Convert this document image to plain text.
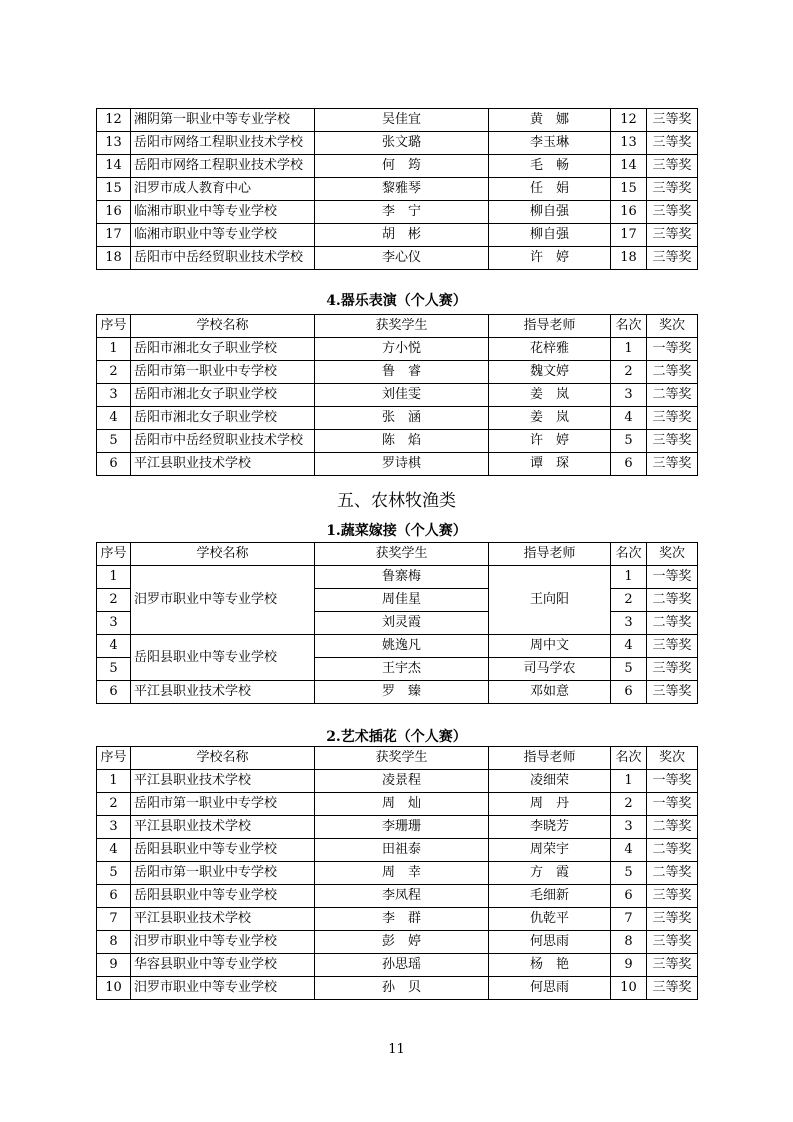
12	湘阴第一职业中等专业学校	吴佳宜	黄　娜	12	三等奖
13	岳阳市网络工程职业技术学校	张文璐	李玉琳	13	三等奖
14	岳阳市网络工程职业技术学校	何　筠	毛　畅	14	三等奖
15	汨罗市成人教育中心	黎雅琴	任　娟	15	三等奖
16	临湘市职业中等专业学校	李　宁	柳自强	16	三等奖
17	临湘市职业中等专业学校	胡　彬	柳自强	17	三等奖
18	岳阳市中岳经贸职业技术学校	李心仪	许　婷	18	三等奖
4.器乐表演（个人赛）
序号	学校名称	获奖学生	指导老师	名次	奖次
1	岳阳市湘北女子职业学校	方小悦	花梓雅	1	一等奖
2	岳阳市第一职业中专学校	鲁　睿	魏文婷	2	二等奖
3	岳阳市湘北女子职业学校	刘佳雯	姜　岚	3	二等奖
4	岳阳市湘北女子职业学校	张　涵	姜　岚	4	三等奖
5	岳阳市中岳经贸职业技术学校	陈　焰	许　婷	5	三等奖
6	平江县职业技术学校	罗诗棋	谭　琛	6	三等奖
五、农林牧渔类
1.蔬菜嫁接（个人赛）
序号	学校名称	获奖学生	指导老师	名次	奖次
1	汨罗市职业中等专业学校	鲁寨梅	王向阳	1	一等奖
2		周佳星		2	二等奖
3		刘灵霞		3	二等奖
4	岳阳县职业中等专业学校	姚逸凡	周中文	4	三等奖
5		王宇杰	司马学农	5	三等奖
6	平江县职业技术学校	罗　臻	邓如意	6	三等奖
2.艺术插花（个人赛）
序号	学校名称	获奖学生	指导老师	名次	奖次
1	平江县职业技术学校	凌景程	凌细荣	1	一等奖
2	岳阳市第一职业中专学校	周　灿	周　丹	2	一等奖
3	平江县职业技术学校	李珊珊	李晓芳	3	二等奖
4	岳阳县职业中等专业学校	田祖泰	周荣宇	4	二等奖
5	岳阳市第一职业中专学校	周　幸	方　霞	5	二等奖
6	岳阳县职业中等专业学校	李凤程	毛细新	6	三等奖
7	平江县职业技术学校	李　群	仇乾平	7	三等奖
8	汨罗市职业中等专业学校	彭　婷	何思雨	8	三等奖
9	华容县职业中等专业学校	孙思瑶	杨　艳	9	三等奖
10	汨罗市职业中等专业学校	孙　贝	何思雨	10	三等奖
11
